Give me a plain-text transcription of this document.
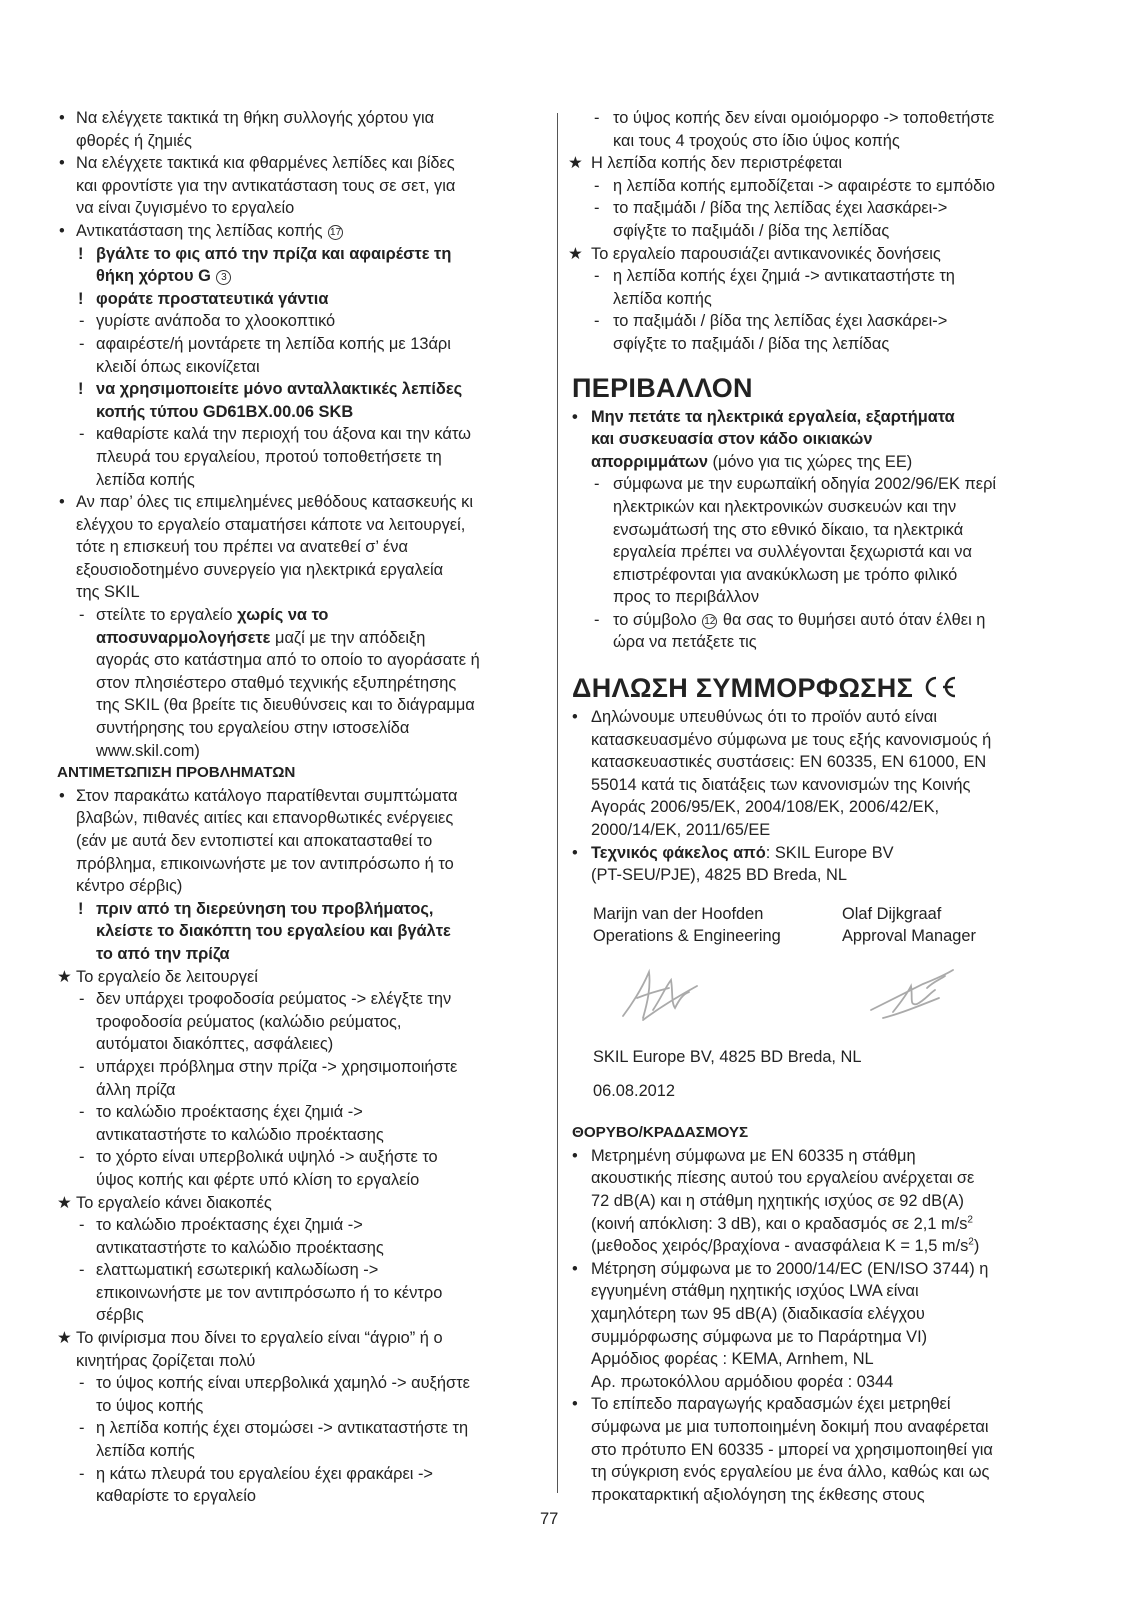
• Να ελέγχετε τακτικά τη θήκη συλλογής χόρτου για
φθορές ή ζημιές
• Να ελέγχετε τακτικά κια φθαρμένες λεπίδες και βίδες
και φροντίστε για την αντικατάσταση τους σε σετ, για
να είναι ζυγισμένο το εργαλείο
• Αντικατάσταση της λεπίδας κοπής 17
! βγάλτε το φις από την πρίζα και αφαιρέστε τη
θήκη χόρτου G 3
! φοράτε προστατευτικά γάντια
- γυρίστε ανάποδα το χλοοκοπτικό
- αφαιρέστε/ή μοντάρετε τη λεπίδα κοπής με 13άρι
κλειδί όπως εικονίζεται
! να χρησιμοποιείτε μόνο ανταλλακτικές λεπίδες
κοπής τύπου GD61BX.00.06 SKB
- καθαρίστε καλά την περιοχή του άξονα και την κάτω
πλευρά του εργαλείου, προτού τοποθετήσετε τη
λεπίδα κοπής
• Αν παρ’ όλες τις επιμελημένες μεθόδους κατασκευής κι
ελέγχου το εργαλείο σταματήσει κάποτε να λειτουργεί,
τότε η επισκευή του πρέπει να ανατεθεί σ’ ένα
εξουσιοδοτημένο συνεργείο για ηλεκτρικά εργαλεία
της SKIL
- στείλτε το εργαλείο χωρίς να το
αποσυναρμολογήσετε μαζί με την απόδειξη
αγοράς στο κατάστημα από το οποίο το αγοράσατε ή
στον πλησιέστερο σταθμό τεχνικής εξυπηρέτησης
της SKIL (θα βρείτε τις διευθύνσεις και το διάγραμμα
συντήρησης του εργαλείου στην ιστοσελίδα
www.skil.com)
ΑΝΤΙΜΕΤΩΠΙΣΗ ΠΡΟΒΛΗΜΑΤΩΝ
• Στον παρακάτω κατάλογο παρατίθενται συμπτώματα
βλαβών, πιθανές αιτίες και επανορθωτικές ενέργειες
(εάν με αυτά δεν εντοπιστεί και αποκατασταθεί το
πρόβλημα, επικοινωνήστε με τον αντιπρόσωπο ή το
κέντρο σέρβις)
! πριν από τη διερεύνηση του προβλήματος,
κλείστε το διακόπτη του εργαλείου και βγάλτε
το από την πρίζα
★ Το εργαλείο δε λειτουργεί
- δεν υπάρχει τροφοδοσία ρεύματος -> ελέγξτε την
τροφοδοσία ρεύματος (καλώδιο ρεύματος,
αυτόματοι διακόπτες, ασφάλειες)
- υπάρχει πρόβλημα στην πρίζα -> χρησιμοποιήστε
άλλη πρίζα
- το καλώδιο προέκτασης έχει ζημιά ->
αντικαταστήστε το καλώδιο προέκτασης
- το χόρτο είναι υπερβολικά υψηλό -> αυξήστε το
ύψος κοπής και φέρτε υπό κλίση το εργαλείο
★ Το εργαλείο κάνει διακοπές
- το καλώδιο προέκτασης έχει ζημιά ->
αντικαταστήστε το καλώδιο προέκτασης
- ελαττωματική εσωτερική καλωδίωση ->
επικοινωνήστε με τον αντιπρόσωπο ή το κέντρο
σέρβις
★ Το φινίρισμα που δίνει το εργαλείο είναι “άγριο” ή ο
κινητήρας ζορίζεται πολύ
- το ύψος κοπής είναι υπερβολικά χαμηλό -> αυξήστε
το ύψος κοπής
- η λεπίδα κοπής έχει στομώσει -> αντικαταστήστε τη
λεπίδα κοπής
- η κάτω πλευρά του εργαλείου έχει φρακάρει ->
καθαρίστε το εργαλείο
- το ύψος κοπής δεν είναι ομοιόμορφο -> τοποθετήστε
και τους 4 τροχούς στο ίδιο ύψος κοπής
★ Η λεπίδα κοπής δεν περιστρέφεται
- η λεπίδα κοπής εμποδίζεται -> αφαιρέστε το εμπόδιο
- το παξιμάδι / βίδα της λεπίδας έχει λασκάρει->
σφίγξτε το παξιμάδι / βίδα της λεπίδας
★ Το εργαλείο παρουσιάζει αντικανονικές δονήσεις
- η λεπίδα κοπής έχει ζημιά -> αντικαταστήστε τη
λεπίδα κοπής
- το παξιμάδι / βίδα της λεπίδας έχει λασκάρει->
σφίγξτε το παξιμάδι / βίδα της λεπίδας
ΠΕΡΙΒΑΛΛΟΝ
• Μην πετάτε τα ηλεκτρικά εργαλεία, εξαρτήματα
και συσκευασία στον κάδο οικιακών
απορριμμάτων (μόνο για τις χώρες της ΕΕ)
- σύμφωνα με την ευρωπαϊκή οδηγία 2002/96/ΕΚ περί
ηλεκτρικών και ηλεκτρονικών συσκευών και την
ενσωμάτωσή της στο εθνικό δίκαιο, τα ηλεκτρικά
εργαλεία πρέπει να συλλέγονται ξεχωριστά και να
επιστρέφονται για ανακύκλωση με τρόπο φιλικό
προς το περιβάλλον
- το σύμβολο 12 θα σας το θυμήσει αυτό όταν έλθει η
ώρα να πετάξετε τις
ΔΗΛΩΣΗ ΣΥΜΜΟΡΦΩΣΗΣ
• Δηλώνουμε υπευθύνως ότι το προϊόν αυτό είναι
κατασκευασμένο σύμφωνα με τους εξής κανονισμούς ή
κατασκευαστικές συστάσεις: EN 60335, EN 61000, EN
55014 κατά τις διατάξεις των κανονισμών της Κοινής
Αγοράς 2006/95/ΕΚ, 2004/108/ΕΚ, 2006/42/ΕΚ,
2000/14/ΕΚ, 2011/65/ΕΕ
• Τεχνικός φάκελος από: SKIL Europe BV
(PT-SEU/PJE), 4825 BD Breda, NL
Marijn van der Hoofden	Olaf Dijkgraaf
Operations & Engineering	Approval Manager
SKIL Europe BV, 4825 BD Breda, NL
06.08.2012
ΘΟΡΥΒΟ/ΚΡΑΔΑΣΜΟΥΣ
• Μετρημένη σύμφωνα με EN 60335 η στάθμη
ακουστικής πίεσης αυτού του εργαλείου ανέρχεται σε
72 dB(A) και η στάθμη ηχητικής ισχύος σε 92 dB(A)
(κοινή απόκλιση: 3 dB), και ο κραδασμός σε 2,1 $m/s^2$
(μεθοδος χειρός/βραχίονα - ανασφάλεια K = 1,5 $m/s^2$)
• Μέτρηση σύμφωνα με το 2000/14/EC (EN/ISO 3744) η
εγγυημένη στάθμη ηχητικής ισχύος LWA είναι
χαμηλότερη των 95 dB(A) (διαδικασία ελέγχου
συμμόρφωσης σύμφωνα με το Παράρτημα VI)
Αρμόδιος φορέας : KEMA, Arnhem, NL
Αρ. πρωτοκόλλου αρμόδιου φορέα : 0344
• Το επίπεδο παραγωγής κραδασμών έχει μετρηθεί
σύμφωνα με μια τυποποιημένη δοκιμή που αναφέρεται
στο πρότυπο EN 60335 - μπορεί να χρησιμοποιηθεί για
τη σύγκριση ενός εργαλείου με ένα άλλο, καθώς και ως
προκαταρκτική αξιολόγηση της έκθεσης στους
77
